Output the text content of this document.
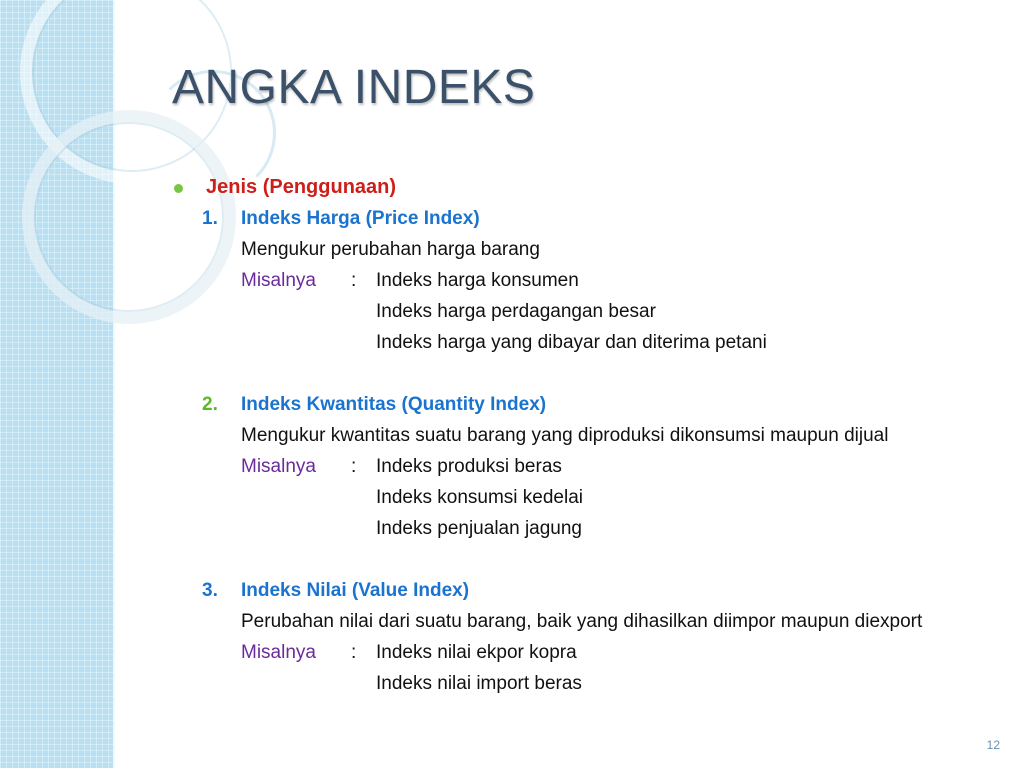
ANGKA INDEKS
Jenis (Penggunaan)
1. Indeks Harga (Price Index)
Mengukur perubahan harga barang
Misalnya : Indeks harga konsumen
Indeks harga perdagangan besar
Indeks harga yang dibayar dan diterima petani
2. Indeks Kwantitas (Quantity Index)
Mengukur kwantitas suatu barang yang diproduksi dikonsumsi maupun dijual
Misalnya : Indeks produksi beras
Indeks konsumsi kedelai
Indeks penjualan jagung
3. Indeks Nilai (Value Index)
Perubahan nilai dari suatu barang, baik yang dihasilkan diimpor maupun diexport
Misalnya : Indeks nilai ekpor kopra
Indeks nilai import beras
12
